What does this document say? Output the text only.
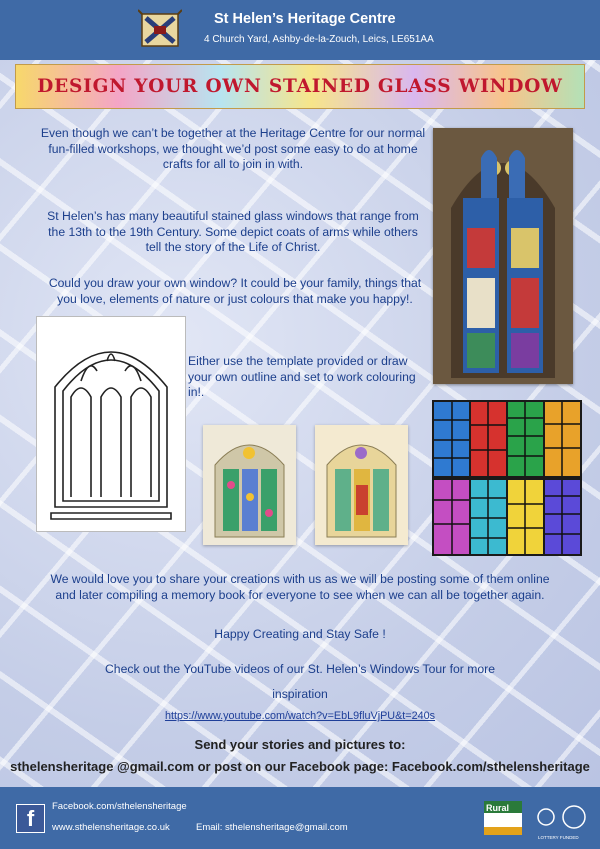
St Helen’s Heritage Centre
4 Church Yard, Ashby-de-la-Zouch, Leics, LE651AA
DESIGN YOUR OWN STAINED GLASS WINDOW
Even though we can’t be together at the Heritage Centre for our normal fun-filled workshops, we thought we’d post some easy to do at home crafts for all to join in with.
St Helen’s has many beautiful stained glass windows that range from the 13th to the 19th Century. Some depict coats of arms while others tell the story of the Life of Christ.
Could you draw your own window? It could be your family, things that you love, elements of nature or just colours that make you happy!.
Either use the template provided or draw your own outline and set to work colouring in!.
We would love you to share your creations with us as we will be posting some of them online and later compiling a memory book for everyone to see when we can all be together again.
Happy Creating and Stay Safe !
Check out the YouTube videos of our St. Helen’s Windows Tour for more
inspiration
https://www.youtube.com/watch?v=EbL9fluVjPU&t=240s
Send your stories and pictures to:
sthelensheritage @gmail.com or post on our Facebook page: Facebook.com/sthelensheritage
f	Facebook.com/sthelensheritage
www.sthelensheritage.co.uk	Email: sthelensheritage@gmail.com
Rural
LOTTERY FUNDED
